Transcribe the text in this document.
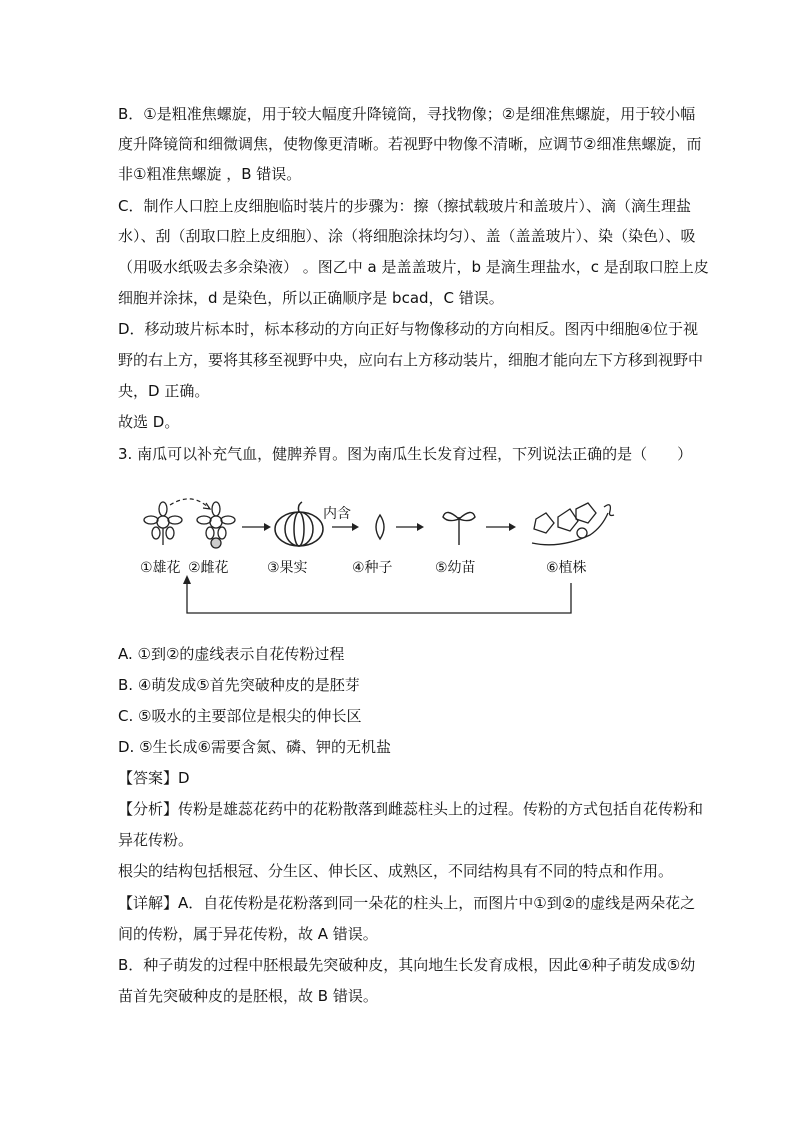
B．①是粗准焦螺旋，用于较大幅度升降镜筒，寻找物像；②是细准焦螺旋，用于较小幅
度升降镜筒和细微调焦，使物像更清晰。若视野中物像不清晰，应调节②细准焦螺旋，而
非①粗准焦螺旋 ，B 错误。
C．制作人口腔上皮细胞临时装片的步骤为：擦（擦拭载玻片和盖玻片）、滴（滴生理盐
水）、刮（刮取口腔上皮细胞）、涂（将细胞涂抹均匀）、盖（盖盖玻片）、染（染色）、吸
（用吸水纸吸去多余染液） 。图乙中 a 是盖盖玻片，b 是滴生理盐水，c 是刮取口腔上皮
细胞并涂抹，d 是染色，所以正确顺序是 bcad，C 错误。
D．移动玻片标本时，标本移动的方向正好与物像移动的方向相反。图丙中细胞④位于视
野的右上方，要将其移至视野中央，应向右上方移动装片，细胞才能向左下方移到视野中
央，D 正确。
故选 D。
3. 南瓜可以补充气血，健脾养胃。图为南瓜生长发育过程，下列说法正确的是（　　）
内含
①雄花 ②雌花	③果实	④种子	⑤幼苗	⑥植株
A. ①到②的虚线表示自花传粉过程
B. ④萌发成⑤首先突破种皮的是胚芽
C. ⑤吸水的主要部位是根尖的伸长区
D. ⑤生长成⑥需要含氮、磷、钾的无机盐
【答案】D
【分析】传粉是雄蕊花药中的花粉散落到雌蕊柱头上的过程。传粉的方式包括自花传粉和
异花传粉。
根尖的结构包括根冠、分生区、伸长区、成熟区，不同结构具有不同的特点和作用。
【详解】A．自花传粉是花粉落到同一朵花的柱头上，而图片中①到②的虚线是两朵花之
间的传粉，属于异花传粉，故 A 错误。
B．种子萌发的过程中胚根最先突破种皮，其向地生长发育成根，因此④种子萌发成⑤幼
苗首先突破种皮的是胚根，故 B 错误。
